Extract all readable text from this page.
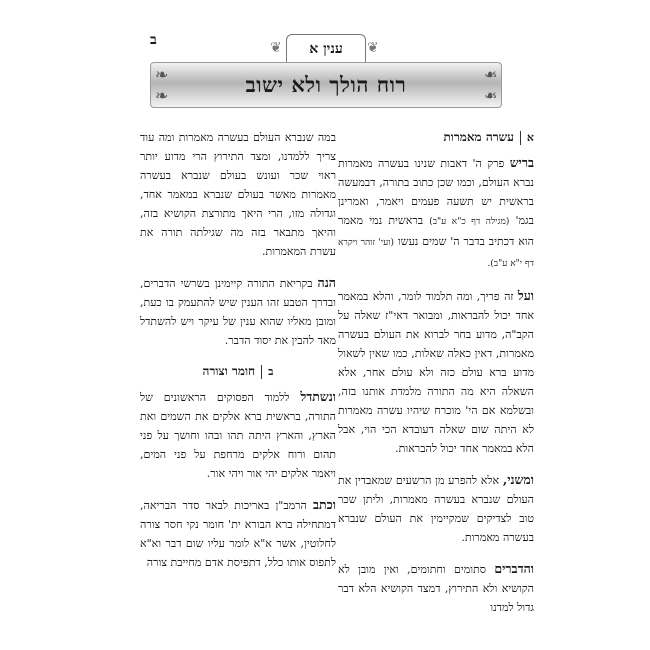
ב	❦	ענין א	❦
❧	❧
❧	❧
רוח הולך ולא ישוב
א
עשרה מאמרות

בריש פרק ה' דאבות שנינו בעשרה מאמרות נברא העולם, וכמו שכן כתוב בתורה, דבמעשה בראשית יש תשעה פעמים ויאמר, ואמרינן בגמ' (מגילה דף כ"א ע"ב) בראשית נמי מאמר הוא דכתיב בדבר ה' שמים נעשו (ועי' זוהר ויקרא דף י"א ע"ב).

ועל זה פריך, ומה תלמוד לומר, והלא במאמר אחד יכול להבראות, ומבואר דאי"ז שאלה על הקב"ה, מדוע בחר לברוא את העולם בעשרה מאמרות, דאין כאלה שאלות, כמו שאין לשאול מדוע ברא עולם כזה ולא עולם אחר, אלא השאלה היא מה התורה מלמדת אותנו בזה, ובשלמא אם הי' מוכרח שיהיו עשרה מאמרות לא היתה שום שאלה דעובדא הכי הוי, אבל הלא במאמר אחד יכול להבראות.

ומשני, אלא להפרע מן הרשעים שמאבדין את העולם שנברא בעשרה מאמרות, וליתן שכר טוב לצדיקים שמקיימין את העולם שנברא בעשרה מאמרות.

והדברים סתומים וחתומים, ואין מובן לא הקושיא ולא התירוץ, דמצד הקושיא הלא דבר גדול למדנו

במה שנברא העולם בעשרה מאמרות ומה עוד צריך ללמדנו, ומצד התירוץ הרי מדוע יותר ראוי שכר ועונש בעולם שנברא בעשרה מאמרות מאשר בעולם שנברא במאמר אחד, וגדולה מזו, הרי היאך מתורצת הקושיא בזה, והיאך מתבאר בזה מה שגילתה תורה את עשרת המאמרות.

הנה בקריאת התורה קיימינן בשרשי הדברים, ובדרך הטבע זהו הענין שיש להתעמק בו כעת, ומובן מאליו שהוא ענין של עיקר ויש להשתדל מאד להבין את יסוד הדבר.

ב
חומר וצורה

ונשתדל ללמוד הפסוקים הראשונים של התורה, בראשית ברא אלקים את השמים ואת הארץ, והארץ היתה תהו ובהו וחושך על פני תהום ורוח אלקים מרחפת על פני המים, ויאמר אלקים יהי אור ויהי אור.

וכתב הרמב"ן באריכות לבאר סדר הבריאה, דמתחילה ברא הבורא ית' חומר נקי חסר צורה לחלוטין, אשר א"א לומר עליו שום דבר וא"א לתפוס אותו כלל, דתפיסת אדם מחייבת צורה
